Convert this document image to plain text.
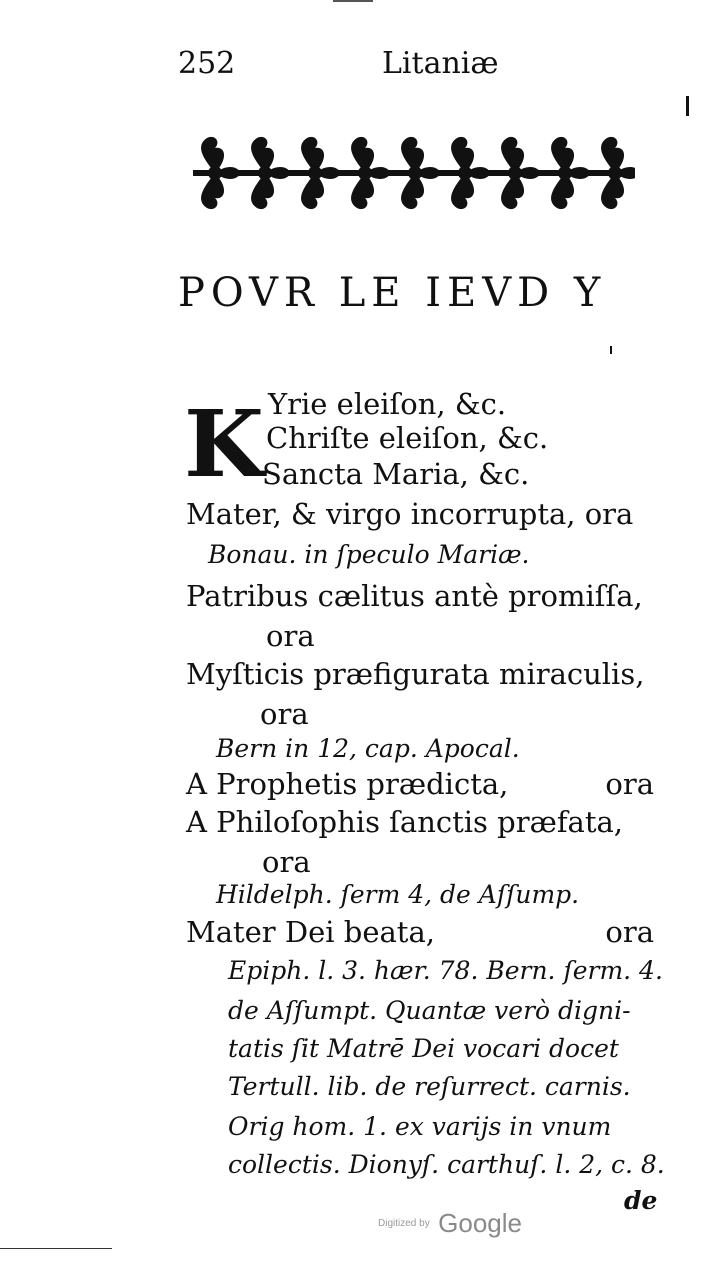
252	Litaniæ
POVR LE IEVD Y
K Yrie eleiſon, &c.
Chriſte eleiſon, &c.
Sancta Maria, &c.
Mater, & virgo incorrupta, ora
Bonau. in ſpeculo Mariæ.
Patribus cælitus antè promiſſa,
ora
Myſticis præfigurata miraculis,
ora
Bern in 12, cap. Apocal.
A Prophetis prædicta,	ora
A Philoſophis ſanctis præfata,
ora
Hildelph. ſerm 4, de Aſſump.
Mater Dei beata,	ora
Epiph. l. 3. hær. 78. Bern. ſerm. 4.
de Aſſumpt. Quantæ verò digni-
tatis ſit Matrē Dei vocari docet
Tertull. lib. de reſurrect. carnis.
Orig hom. 1. ex varijs in vnum
collectis. Dionyſ. carthuſ. l. 2, c. 8.
de
Digitized by Google
